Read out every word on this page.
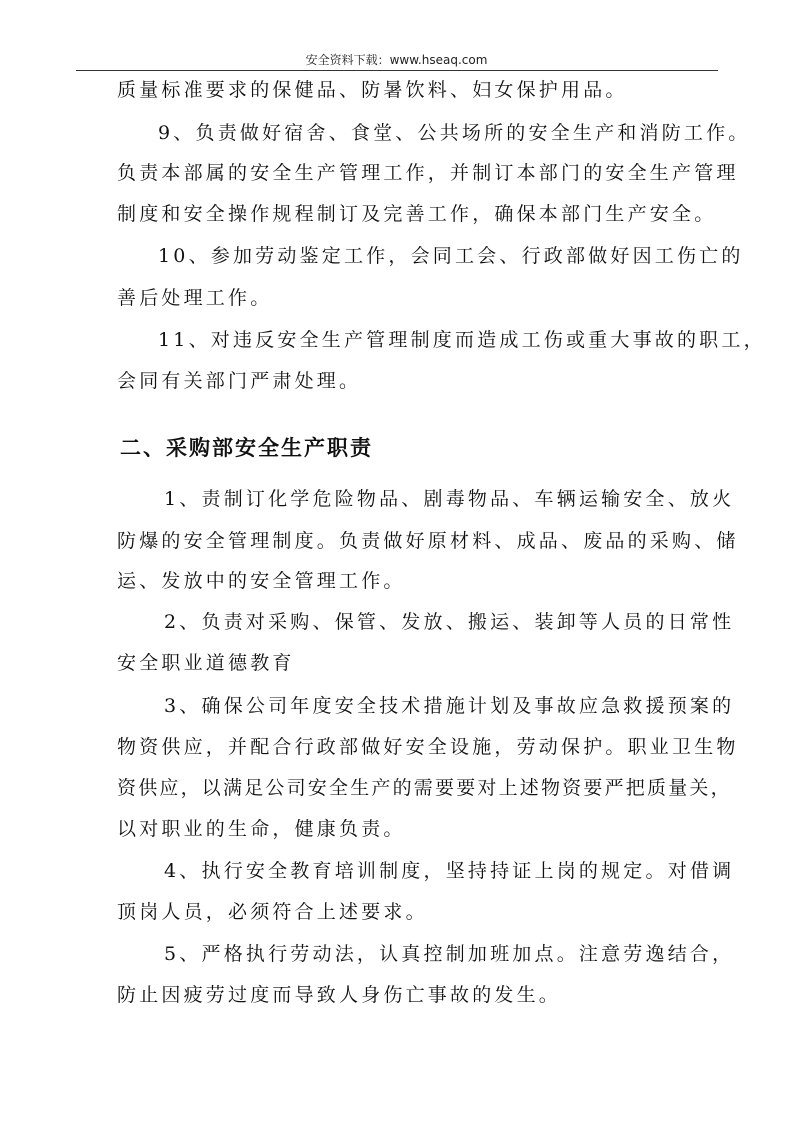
安全资料下载：www.hseaq.com
质量标准要求的保健品、防暑饮料、妇女保护用品。
9、负责做好宿舍、食堂、公共场所的安全生产和消防工作。
负责本部属的安全生产管理工作，并制订本部门的安全生产管理
制度和安全操作规程制订及完善工作，确保本部门生产安全。
10、参加劳动鉴定工作，会同工会、行政部做好因工伤亡的
善后处理工作。
11、对违反安全生产管理制度而造成工伤或重大事故的职工，
会同有关部门严肃处理。
二、采购部安全生产职责
1、责制订化学危险物品、剧毒物品、车辆运输安全、放火
防爆的安全管理制度。负责做好原材料、成品、废品的采购、储
运、发放中的安全管理工作。
2、负责对采购、保管、发放、搬运、装卸等人员的日常性
安全职业道德教育
3、确保公司年度安全技术措施计划及事故应急救援预案的
物资供应，并配合行政部做好安全设施，劳动保护。职业卫生物
资供应，以满足公司安全生产的需要要对上述物资要严把质量关，
以对职业的生命，健康负责。
4、执行安全教育培训制度，坚持持证上岗的规定。对借调
顶岗人员，必须符合上述要求。
5、严格执行劳动法，认真控制加班加点。注意劳逸结合，
防止因疲劳过度而导致人身伤亡事故的发生。
